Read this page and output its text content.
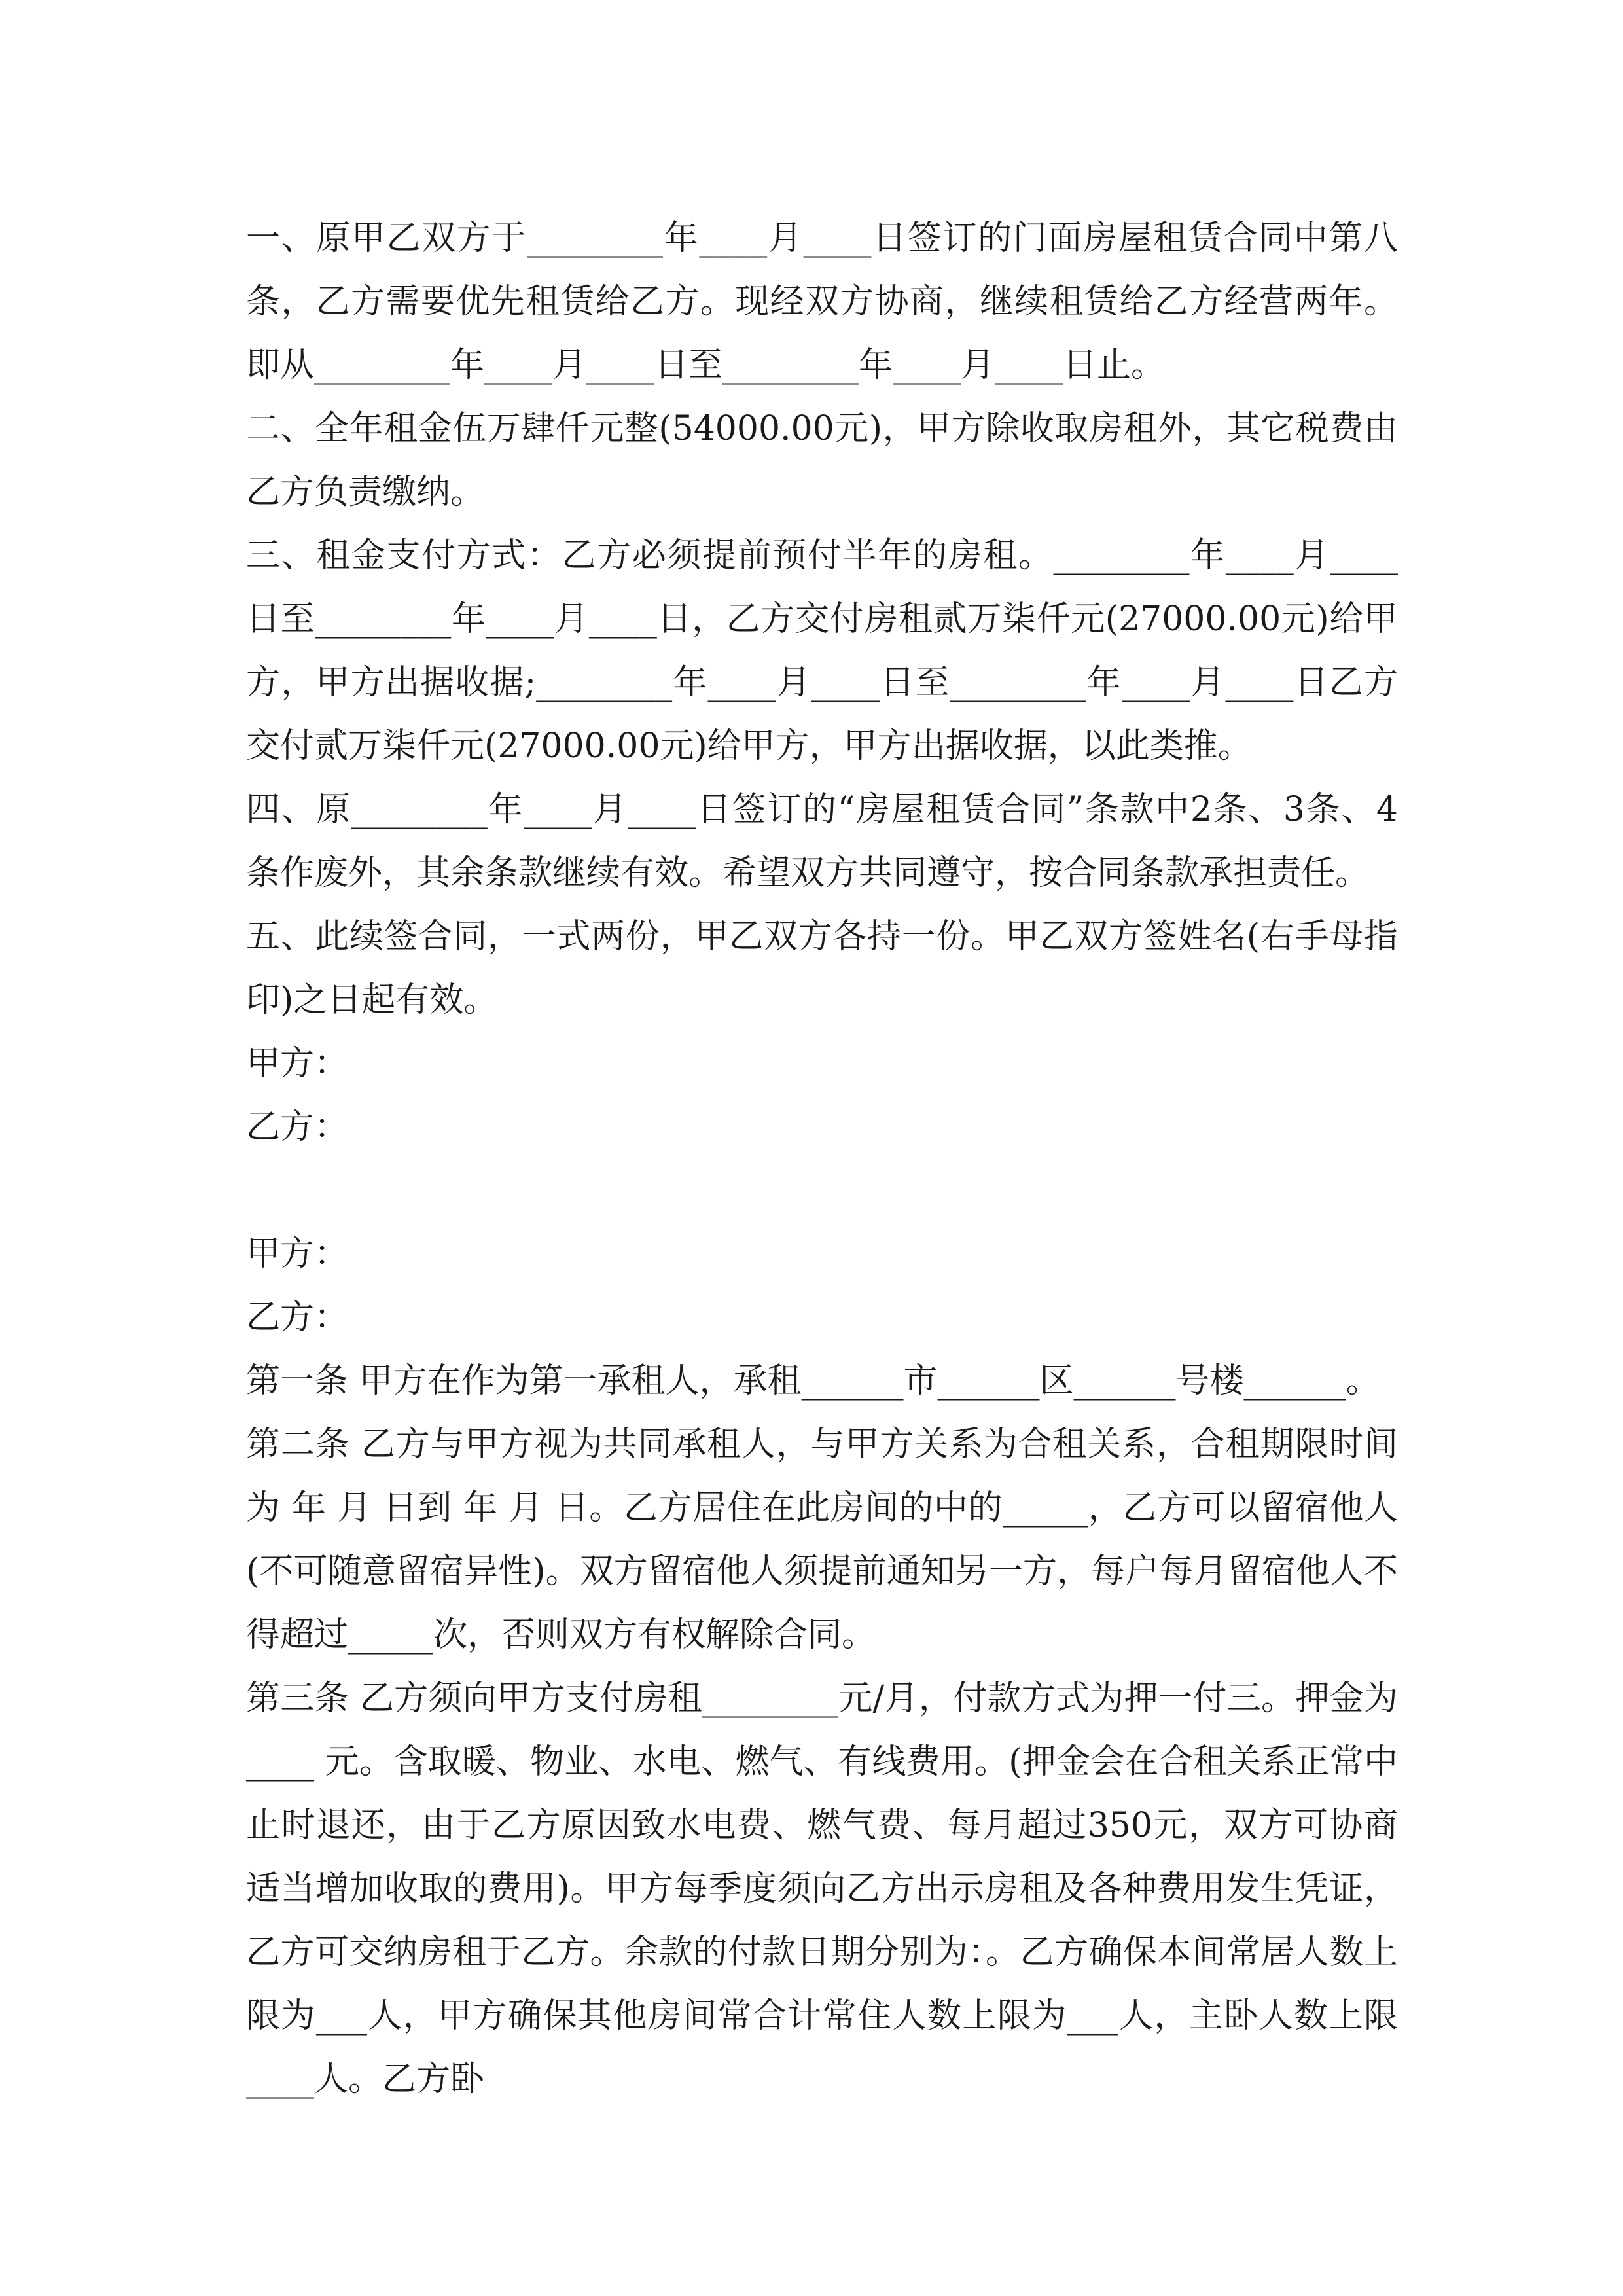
一、原甲乙双方于________年____月____日签订的门面房屋租赁合同中第八条，乙方需要优先租赁给乙方。现经双方协商，继续租赁给乙方经营两年。即从________年____月____日至________年____月____日止。

二、全年租金伍万肆仟元整(54000.00元)，甲方除收取房租外，其它税费由乙方负责缴纳。

三、租金支付方式：乙方必须提前预付半年的房租。________年____月____日至________年____月____日，乙方交付房租贰万柒仟元(27000.00元)给甲方，甲方出据收据;________年____月____日至________年____月____日乙方交付贰万柒仟元(27000.00元)给甲方，甲方出据收据，以此类推。

四、原________年____月____日签订的“房屋租赁合同”条款中2条、3条、4条作废外，其余条款继续有效。希望双方共同遵守，按合同条款承担责任。

五、此续签合同，一式两份，甲乙双方各持一份。甲乙双方签姓名(右手母指印)之日起有效。

甲方：

乙方：

甲方：

乙方：

第一条 甲方在作为第一承租人，承租______市______区______号楼______。

第二条 乙方与甲方视为共同承租人，与甲方关系为合租关系，合租期限时间为 年 月 日到 年 月 日。乙方居住在此房间的中的_____，乙方可以留宿他人(不可随意留宿异性)。双方留宿他人须提前通知另一方，每户每月留宿他人不得超过_____次，否则双方有权解除合同。

第三条 乙方须向甲方支付房租________元/月，付款方式为押一付三。押金为____ 元。含取暖、物业、水电、燃气、有线费用。(押金会在合租关系正常中止时退还，由于乙方原因致水电费、燃气费、每月超过350元，双方可协商适当增加收取的费用)。甲方每季度须向乙方出示房租及各种费用发生凭证，乙方可交纳房租于乙方。余款的付款日期分别为：。乙方确保本间常居人数上限为___人，甲方确保其他房间常合计常住人数上限为___人，主卧人数上限____人。乙方卧
